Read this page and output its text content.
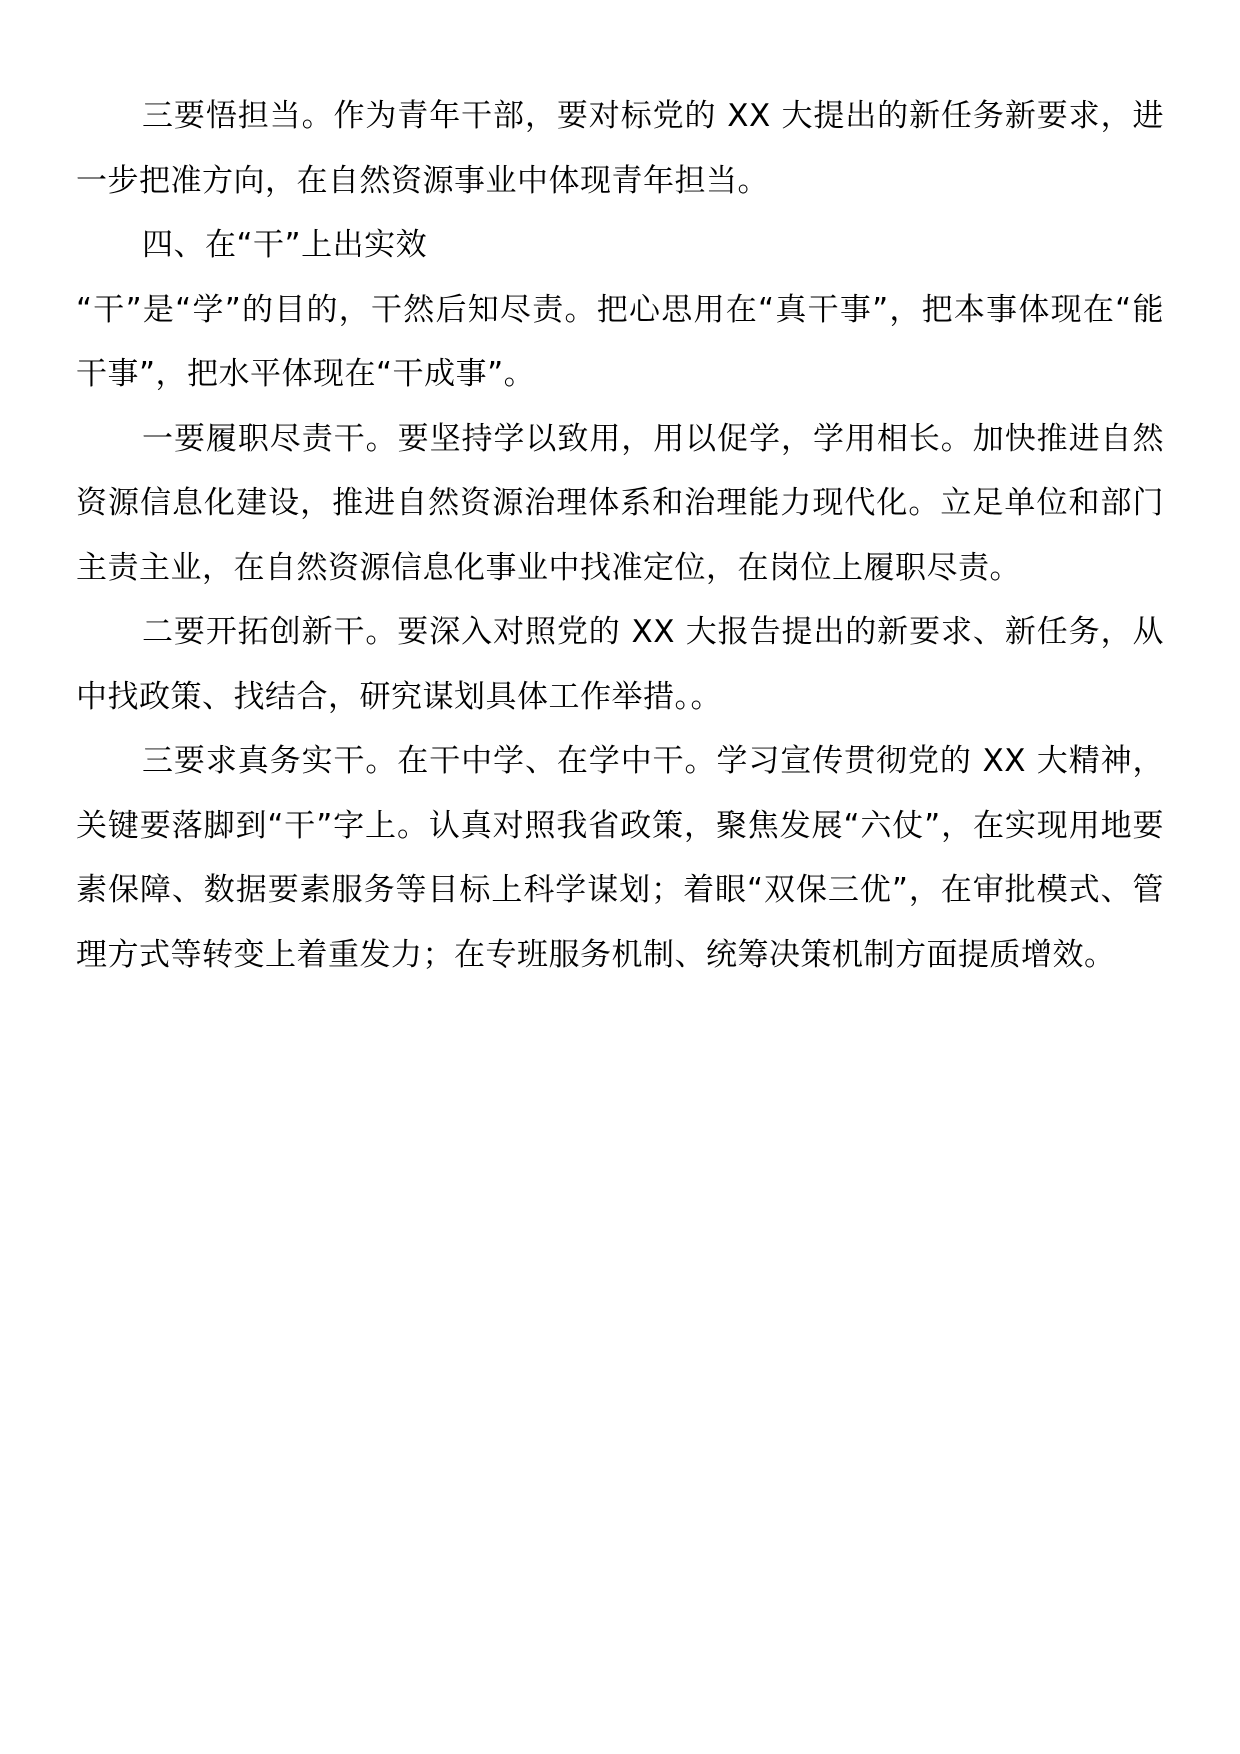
三要悟担当。作为青年干部，要对标党的 XX 大提出的新任务新要求，进一步把准方向，在自然资源事业中体现青年担当。

四、在“干”上出实效

“干”是“学”的目的，干然后知尽责。把心思用在“真干事”，把本事体现在“能干事”，把水平体现在“干成事”。

一要履职尽责干。要坚持学以致用，用以促学，学用相长。加快推进自然资源信息化建设，推进自然资源治理体系和治理能力现代化。立足单位和部门主责主业，在自然资源信息化事业中找准定位，在岗位上履职尽责。

二要开拓创新干。要深入对照党的 XX 大报告提出的新要求、新任务，从中找政策、找结合，研究谋划具体工作举措。。

三要求真务实干。在干中学、在学中干。学习宣传贯彻党的 XX 大精神，关键要落脚到“干”字上。认真对照我省政策，聚焦发展“六仗”，在实现用地要素保障、数据要素服务等目标上科学谋划；着眼“双保三优”，在审批模式、管理方式等转变上着重发力；在专班服务机制、统筹决策机制方面提质增效。
